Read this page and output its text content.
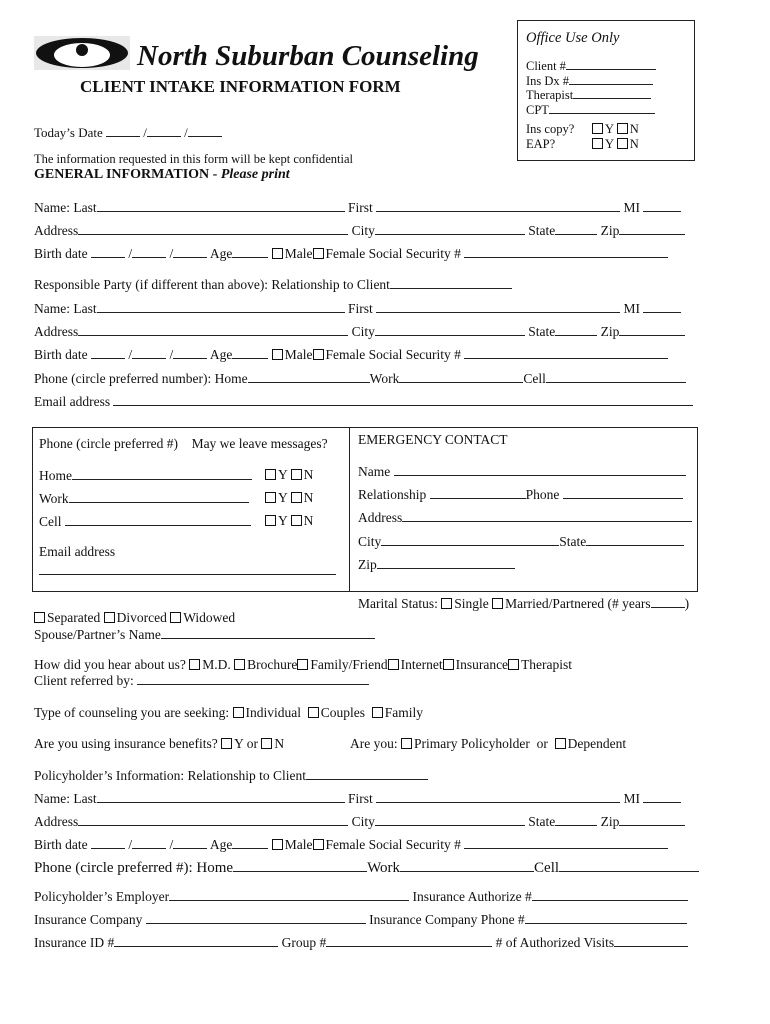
North Suburban Counseling
CLIENT INTAKE INFORMATION FORM
Office Use Only
Client #
Ins Dx #
Therapist
CPT
Ins copy?	Y N
EAP?	Y N
Today’s Date	/	/
The information requested in this form will be kept confidential
GENERAL INFORMATION - Please print
Name: Last	First	MI
Address	City	State	Zip
Birth date	/	/	Age	Male Female Social Security #
Responsible Party (if different than above): Relationship to Client
Name: Last	First	MI
Address	City	State	Zip
Birth date	/	/	Age	Male Female Social Security #
Phone (circle preferred number): Home	Work	Cell
Email address
Phone (circle preferred #) May we leave messages?
Home	Y N
Work	Y N
Cell	Y N
Email address
EMERGENCY CONTACT
Name
Relationship	Phone
Address
City	State
Zip
Marital Status: Single Married/Partnered (# years	)
Separated Divorced Widowed
Spouse/Partner’s Name
How did you hear about us? M.D. Brochure Family/Friend Internet Insurance Therapist
Client referred by:
Type of counseling you are seeking: Individual Couples Family
Are you using insurance benefits? Y or N	Are you: Primary Policyholder or Dependent
Policyholder’s Information: Relationship to Client
Name: Last	First	MI
Address	City	State	Zip
Birth date	/	/	Age	Male Female Social Security #
Phone (circle preferred #): Home	Work	Cell
Policyholder’s Employer	Insurance Authorize #
Insurance Company	Insurance Company Phone #
Insurance ID #	Group #	# of Authorized Visits
